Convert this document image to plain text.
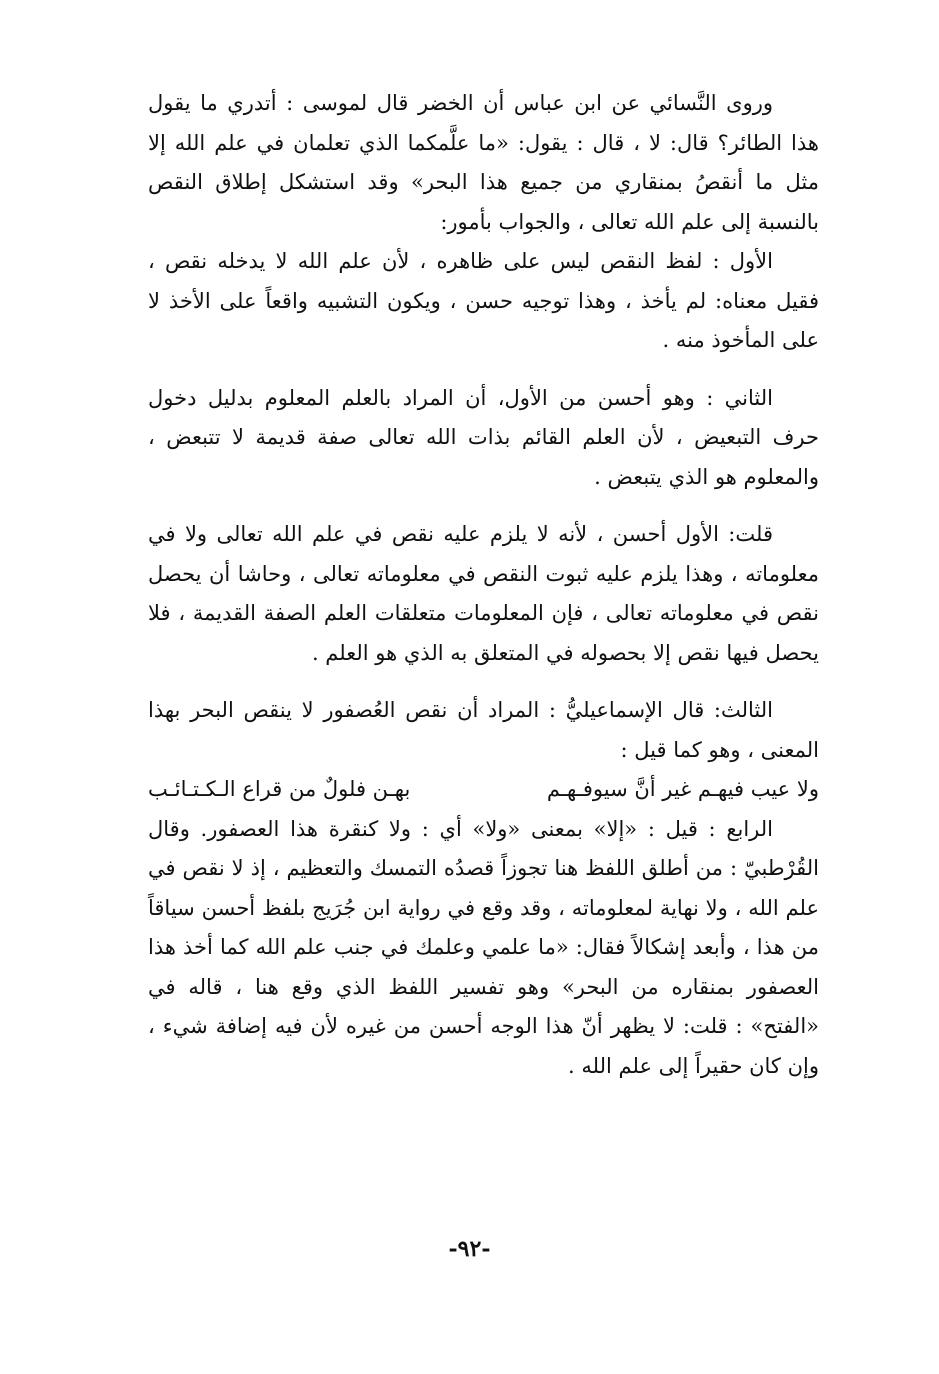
وروى النَّسائي عن ابن عباس أن الخضر قال لموسى : أتدري ما يقول هذا الطائر؟ قال: لا ، قال : يقول: «ما علَّمكما الذي تعلمان في علم الله إلا مثل ما أنقصُ بمنقاري من جميع هذا البحر» وقد استشكل إطلاق النقص بالنسبة إلى علم الله تعالى ، والجواب بأمور:

الأول : لفظ النقص ليس على ظاهره ، لأن علم الله لا يدخله نقص ، فقيل معناه: لم يأخذ ، وهذا توجيه حسن ، ويكون التشبيه واقعاً على الأخذ لا على المأخوذ منه .

الثاني : وهو أحسن من الأول، أن المراد بالعلم المعلوم بدليل دخول حرف التبعيض ، لأن العلم القائم بذات الله تعالى صفة قديمة لا تتبعض ، والمعلوم هو الذي يتبعض .

قلت: الأول أحسن ، لأنه لا يلزم عليه نقص في علم الله تعالى ولا في معلوماته ، وهذا يلزم عليه ثبوت النقص في معلوماته تعالى ، وحاشا أن يحصل نقص في معلوماته تعالى ، فإن المعلومات متعلقات العلم الصفة القديمة ، فلا يحصل فيها نقص إلا بحصوله في المتعلق به الذي هو العلم .

الثالث: قال الإسماعيليُّ : المراد أن نقص العُصفور لا ينقص البحر بهذا المعنى ، وهو كما قيل :

ولا عيب فيهـم غير أنَّ سيوفـهـم
بهـن فلولٌ من قراع الـكـتـائـب

الرابع : قيل : «إلا» بمعنى «ولا» أي : ولا كنقرة هذا العصفور. وقال القُرْطبيّ : من أطلق اللفظ هنا تجوزاً قصدُه التمسك والتعظيم ، إذ لا نقص في علم الله ، ولا نهاية لمعلوماته ، وقد وقع في رواية ابن جُرَيج بلفظ أحسن سياقاً من هذا ، وأبعد إشكالاً فقال: «ما علمي وعلمك في جنب علم الله كما أخذ هذا العصفور بمنقاره من البحر» وهو تفسير اللفظ الذي وقع هنا ، قاله في «الفتح» : قلت: لا يظهر أنّ هذا الوجه أحسن من غيره لأن فيه إضافة شيء ، وإن كان حقيراً إلى علم الله .

-٩٢-
